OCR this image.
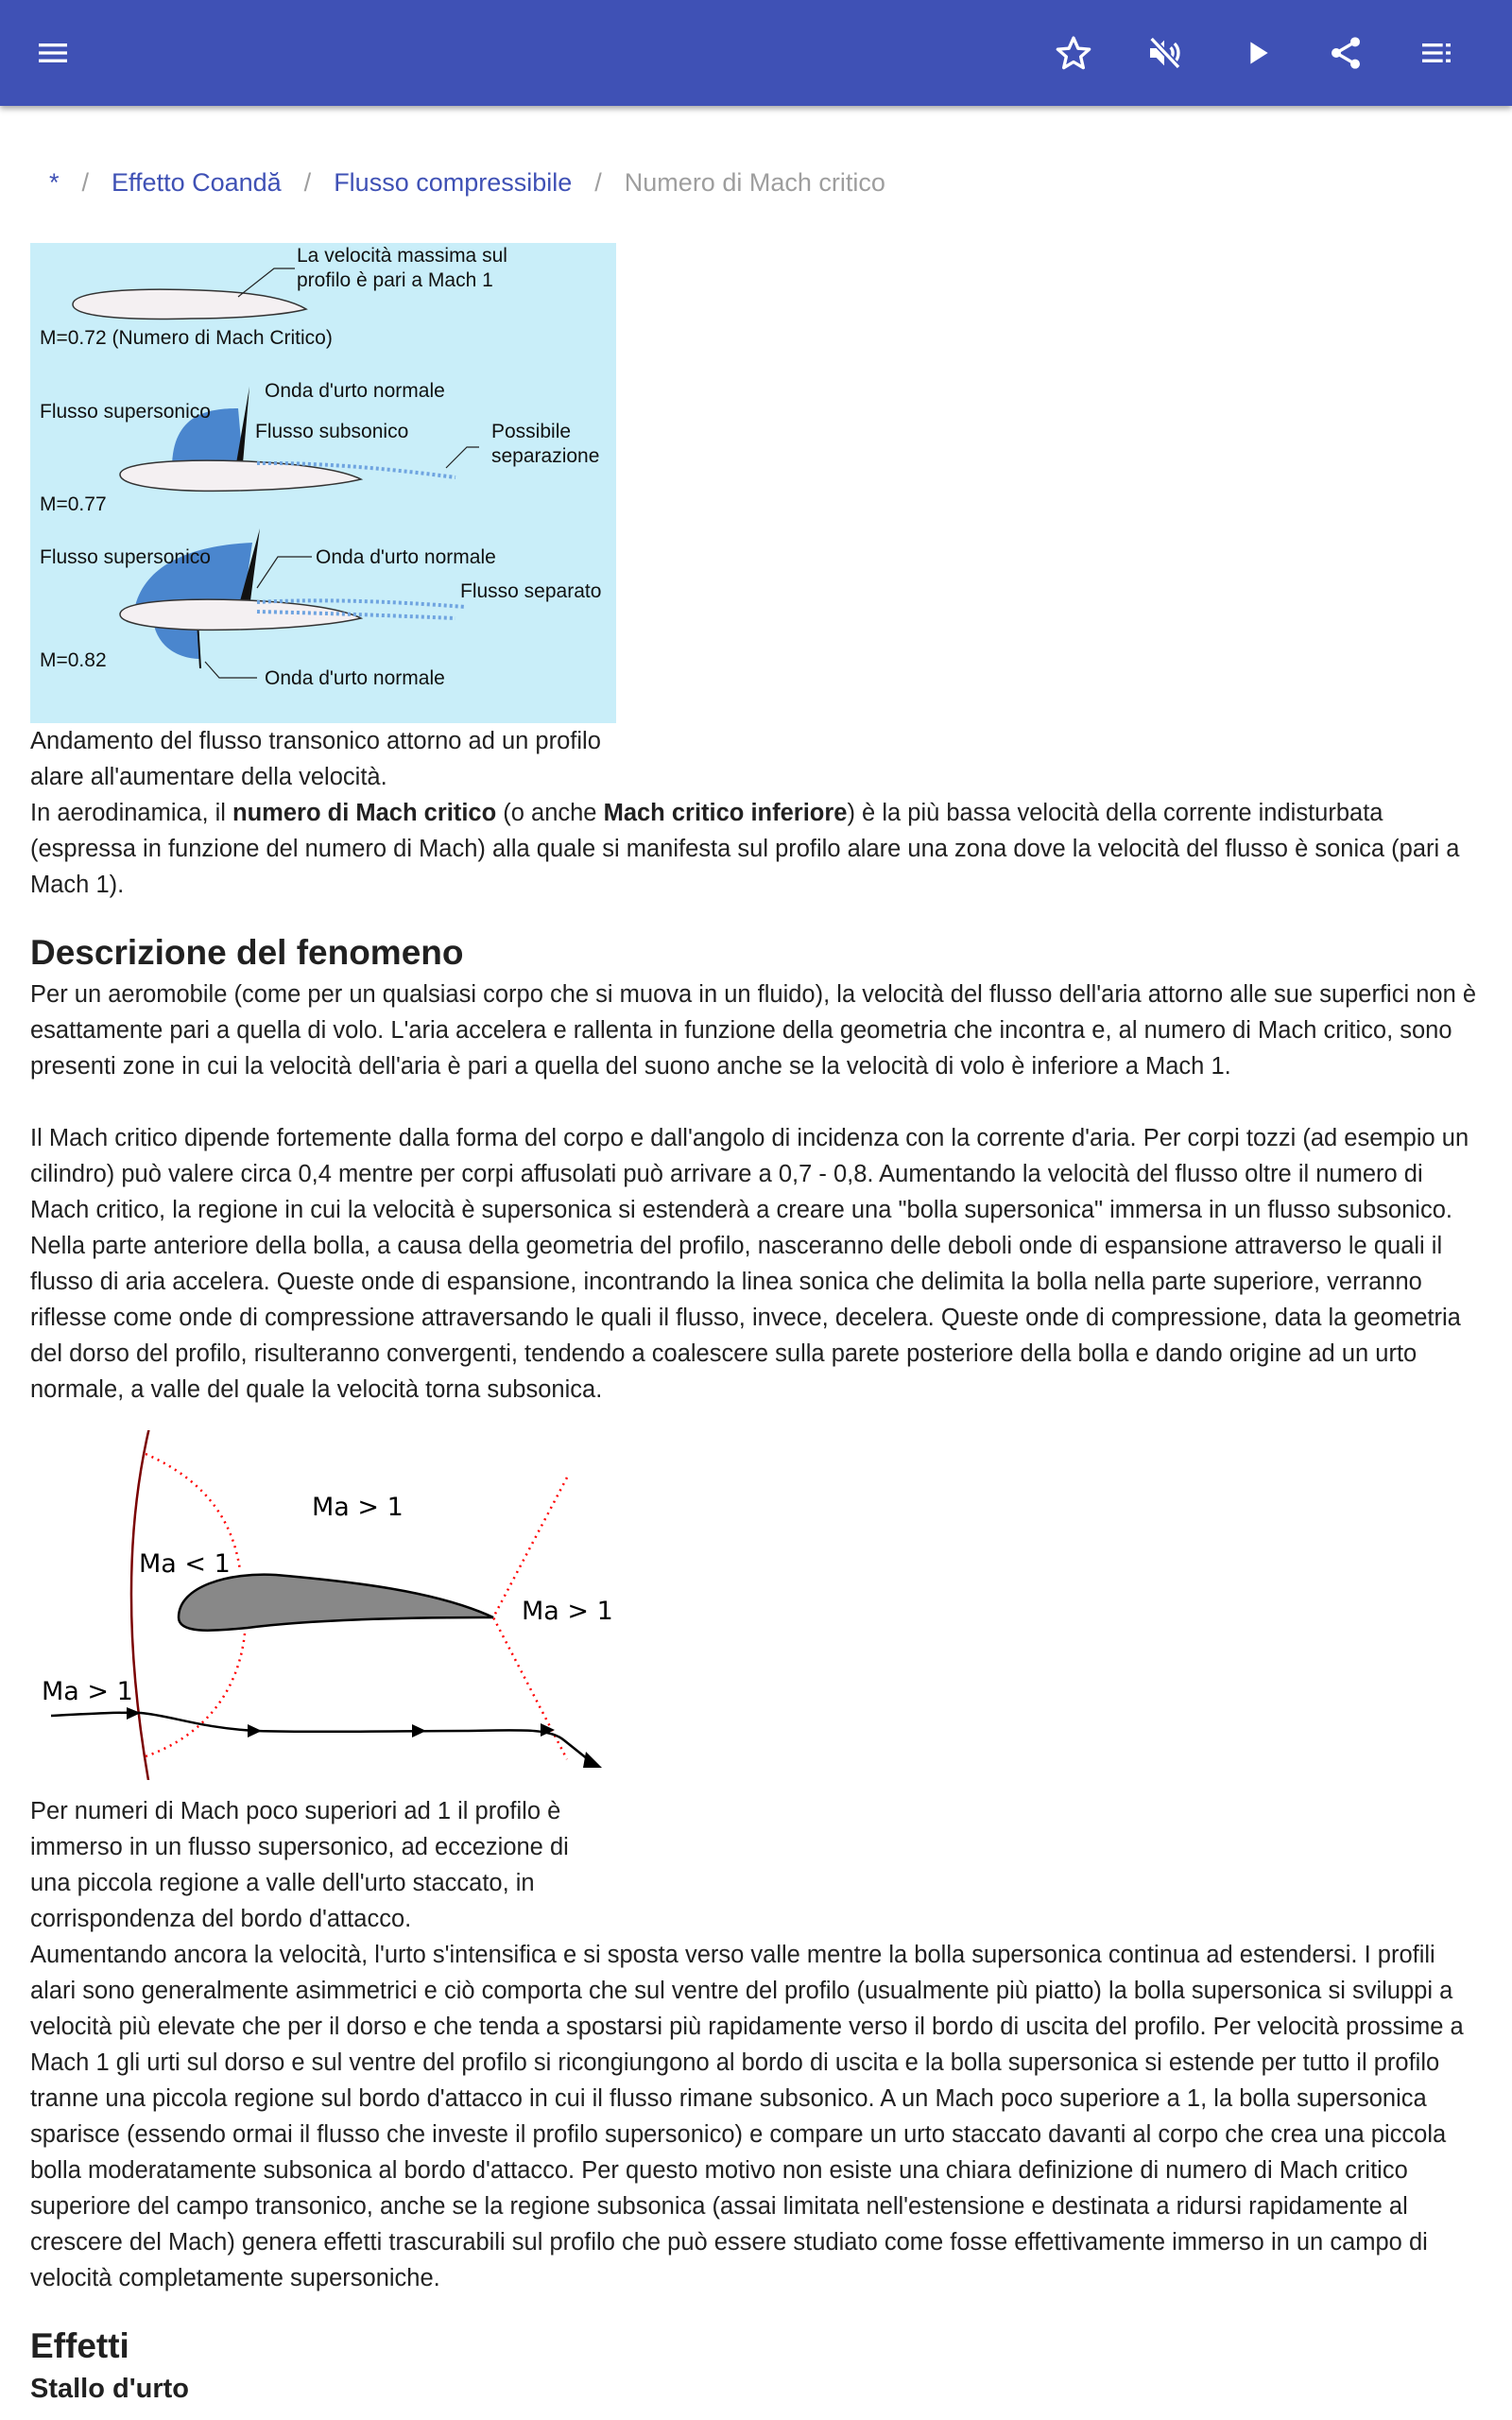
* / Effetto Coandă / Flusso compressibile / Numero di Mach critico
La velocità massima sul
profilo è pari a Mach 1
M=0.72 (Numero di Mach Critico)
Onda d'urto normale
Flusso supersonico
Flusso subsonico	Possibile
separazione
M=0.77
Flusso supersonico	Onda d'urto normale
Flusso separato
M=0.82
Onda d'urto normale

Andamento del flusso transonico attorno ad un profilo
alare all'aumentare della velocità.

In aerodinamica, il numero di Mach critico (o anche Mach critico inferiore) è la più bassa velocità della corrente indisturbata (espressa in funzione del numero di Mach) alla quale si manifesta sul profilo alare una zona dove la velocità del flusso è sonica (pari a Mach 1).

Descrizione del fenomeno

Per un aeromobile (come per un qualsiasi corpo che si muova in un fluido), la velocità del flusso dell'aria attorno alle sue superfici non è esattamente pari a quella di volo. L'aria accelera e rallenta in funzione della geometria che incontra e, al numero di Mach critico, sono presenti zone in cui la velocità dell'aria è pari a quella del suono anche se la velocità di volo è inferiore a Mach 1.

Il Mach critico dipende fortemente dalla forma del corpo e dall'angolo di incidenza con la corrente d'aria. Per corpi tozzi (ad esempio un cilindro) può valere circa 0,4 mentre per corpi affusolati può arrivare a 0,7 - 0,8. Aumentando la velocità del flusso oltre il numero di Mach critico, la regione in cui la velocità è supersonica si estenderà a creare una "bolla supersonica" immersa in un flusso subsonico. Nella parte anteriore della bolla, a causa della geometria del profilo, nasceranno delle deboli onde di espansione attraverso le quali il flusso di aria accelera. Queste onde di espansione, incontrando la linea sonica che delimita la bolla nella parte superiore, verranno riflesse come onde di compressione attraversando le quali il flusso, invece, decelera. Queste onde di compressione, data la geometria del dorso del profilo, risulteranno convergenti, tendendo a coalescere sulla parete posteriore della bolla e dando origine ad un urto normale, a valle del quale la velocità torna subsonica.

Ma > 1
Ma < 1
Ma > 1
Ma > 1

Per numeri di Mach poco superiori ad 1 il profilo è
immerso in un flusso supersonico, ad eccezione di
una piccola regione a valle dell'urto staccato, in
corrispondenza del bordo d'attacco.

Aumentando ancora la velocità, l'urto s'intensifica e si sposta verso valle mentre la bolla supersonica continua ad estendersi. I profili alari sono generalmente asimmetrici e ciò comporta che sul ventre del profilo (usualmente più piatto) la bolla supersonica si sviluppi a velocità più elevate che per il dorso e che tenda a spostarsi più rapidamente verso il bordo di uscita del profilo. Per velocità prossime a Mach 1 gli urti sul dorso e sul ventre del profilo si ricongiungono al bordo di uscita e la bolla supersonica si estende per tutto il profilo tranne una piccola regione sul bordo d'attacco in cui il flusso rimane subsonico. A un Mach poco superiore a 1, la bolla supersonica sparisce (essendo ormai il flusso che investe il profilo supersonico) e compare un urto staccato davanti al corpo che crea una piccola bolla moderatamente subsonica al bordo d'attacco. Per questo motivo non esiste una chiara definizione di numero di Mach critico superiore del campo transonico, anche se la regione subsonica (assai limitata nell'estensione e destinata a ridursi rapidamente al crescere del Mach) genera effetti trascurabili sul profilo che può essere studiato come fosse effettivamente immerso in un campo di velocità completamente supersoniche.

Effetti
Stallo d'urto
